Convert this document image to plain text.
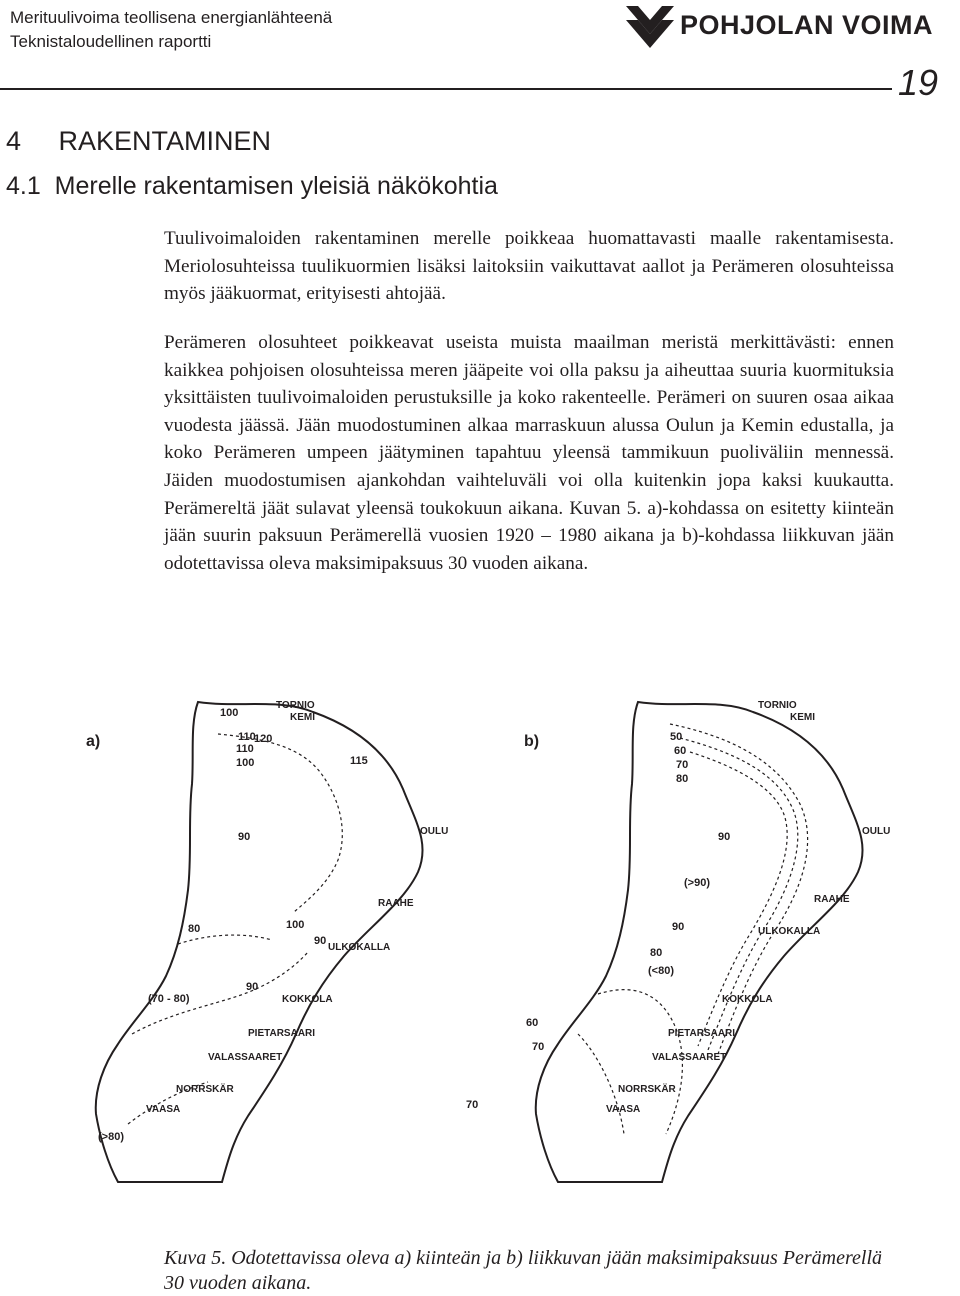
Merituulivoima teollisena energianlähteenä
Teknistaloudellinen raportti
POHJOLAN VOIMA
19
4     RAKENTAMINEN
4.1  Merelle rakentamisen yleisiä näkökohtia

Tuulivoimaloiden rakentaminen merelle poikkeaa huomattavasti maalle rakentamisesta. Meriolosuhteissa tuulikuormien lisäksi laitoksiin vaikuttavat aallot ja Perämeren olosuhteissa myös jääkuormat, erityisesti ahtojää.

Perämeren olosuhteet poikkeavat useista muista maailman meristä merkittävästi: ennen kaikkea pohjoisen olosuhteissa meren jääpeite voi olla paksu ja aiheuttaa suuria kuormituksia yksittäisten tuulivoimaloiden perustuksille ja koko rakenteelle. Perämeri on suuren osaa aikaa vuodesta jäässä. Jään muodostuminen alkaa marraskuun alussa Oulun ja Kemin edustalla, ja koko Perämeren umpeen jäätyminen tapahtuu yleensä tammikuun puoliväliin mennessä. Jäiden muodostumisen ajankohdan vaihteluväli voi olla kuitenkin jopa kaksi kuukautta. Perämereltä jäät sulavat yleensä toukokuun aikana. Kuvan 5. a)-kohdassa on esitetty kiinteän jään suurin paksuun Perämerellä vuosien 1920 – 1980 aikana ja b)-kohdassa liikkuvan jään odotettavissa oleva maksimipaksuus 30 vuoden aikana.

a)
TORNIO
KEMI
OULU
RAAHE
ULKOKALLA
KOKKOLA
PIETARSAARI
VALASSAARET
NORRSKÄR
VAASA
100
110
120
110
100	115
90
80	100
90
(70 - 80)
90
(>80)
b)
TORNIO
KEMI
OULU
RAAHE
ULKOKALLA
KOKKOLA
PIETARSAARI
VALASSAARET
NORRSKÄR
VAASA
50
60
70
80
90
(>90)
90
80
(<80)
60
70
70

Kuva 5. Odotettavissa oleva a) kiinteän ja b) liikkuvan jään maksimipaksuus Perämerellä 30 vuoden aikana.
